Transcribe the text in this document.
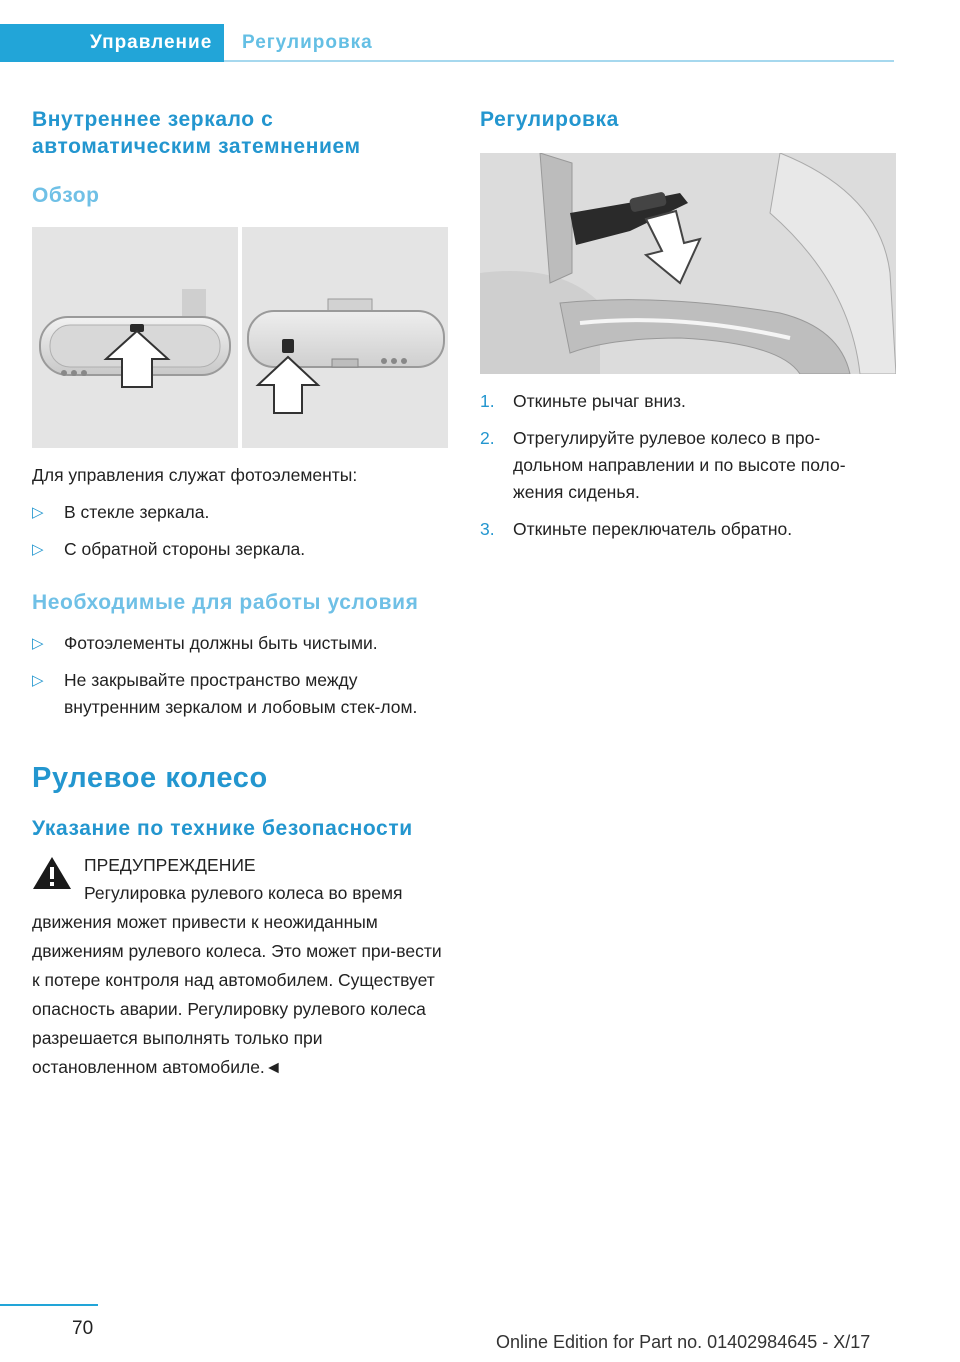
Управление	Регулировка
Внутреннее зеркало с автоматическим затемнением
Обзор

Для управления служат фотоэлементы:

▷ В стекле зеркала.
▷ С обратной стороны зеркала.
Необходимые для работы условия
▷ Фотоэлементы должны быть чистыми.
▷ Не закрывайте пространство между внутренним зеркалом и лобовым стек-лом.
Рулевое колесо
Указание по технике безопасности
ПРЕДУПРЕЖДЕНИЕ

Регулировка рулевого колеса во время движения может привести к неожиданным движениям рулевого колеса. Это может при-вести к потере контроля над автомобилем. Существует опасность аварии. Регулировку рулевого колеса разрешается выполнять только при остановленном автомобиле.◄

Регулировка
1. Откиньте рычаг вниз.
2. Отрегулируйте рулевое колесо в про-дольном направлении и по высоте поло-жения сиденья.
3. Откиньте переключатель обратно.
70
Online Edition for Part no. 01402984645 - X/17
